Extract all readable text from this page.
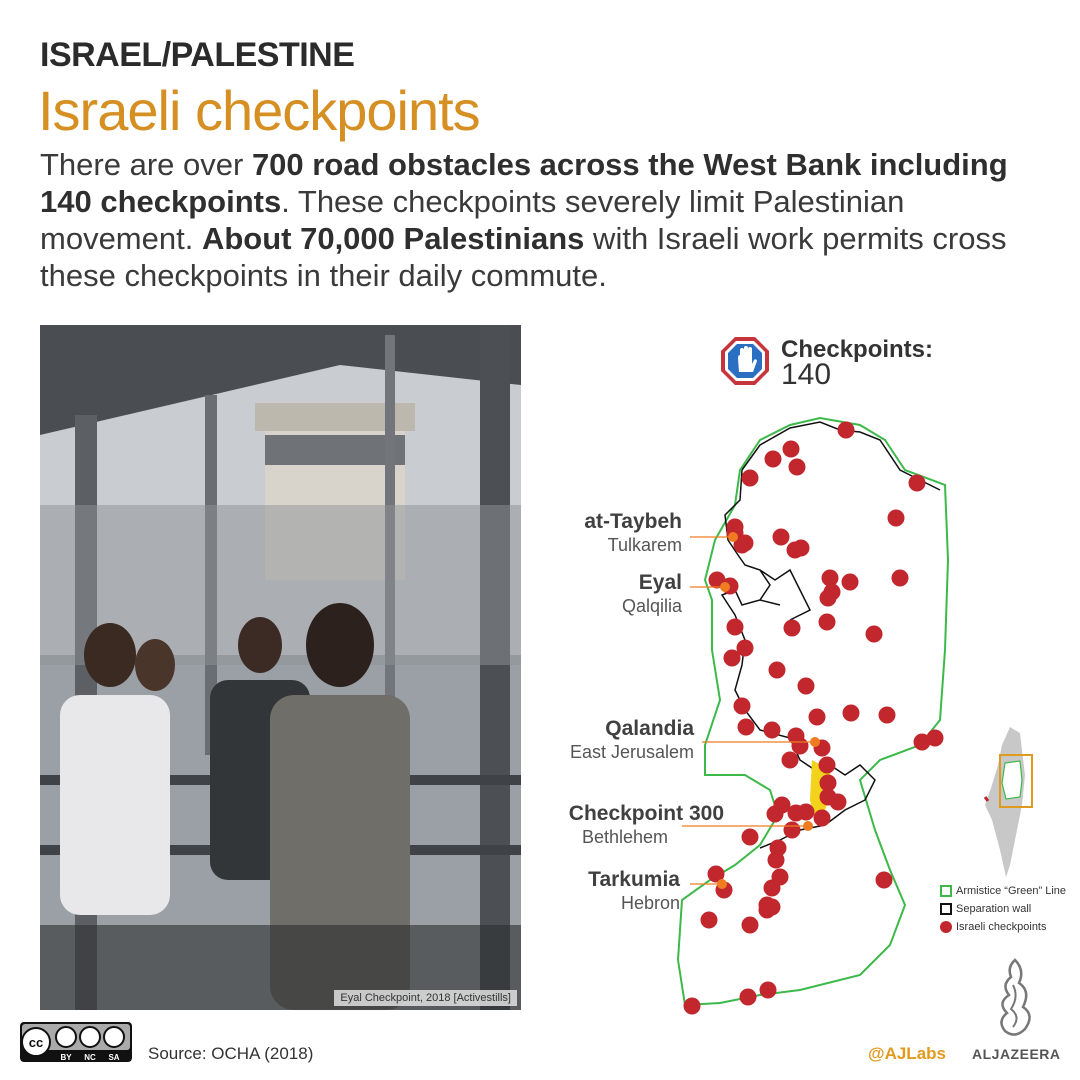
ISRAEL/PALESTINE
Israeli checkpoints
There are over 700 road obstacles across the West Bank including 140 checkpoints. These checkpoints severely limit Palestinian movement. About 70,000 Palestinians with Israeli work permits cross these checkpoints in their daily commute.
Eyal Checkpoint, 2018 [Activestills]
Checkpoints:
140
at-Taybeh
Tulkarem
Eyal
Qalqilia
Qalandia
East Jerusalem
Checkpoint 300
Bethlehem
Tarkumia
Hebron
Armistice “Green” Line
Separation wall
Israeli checkpoints
cc
BY NC SA Source: OCHA (2018)	@AJLabs ALJAZEERA
